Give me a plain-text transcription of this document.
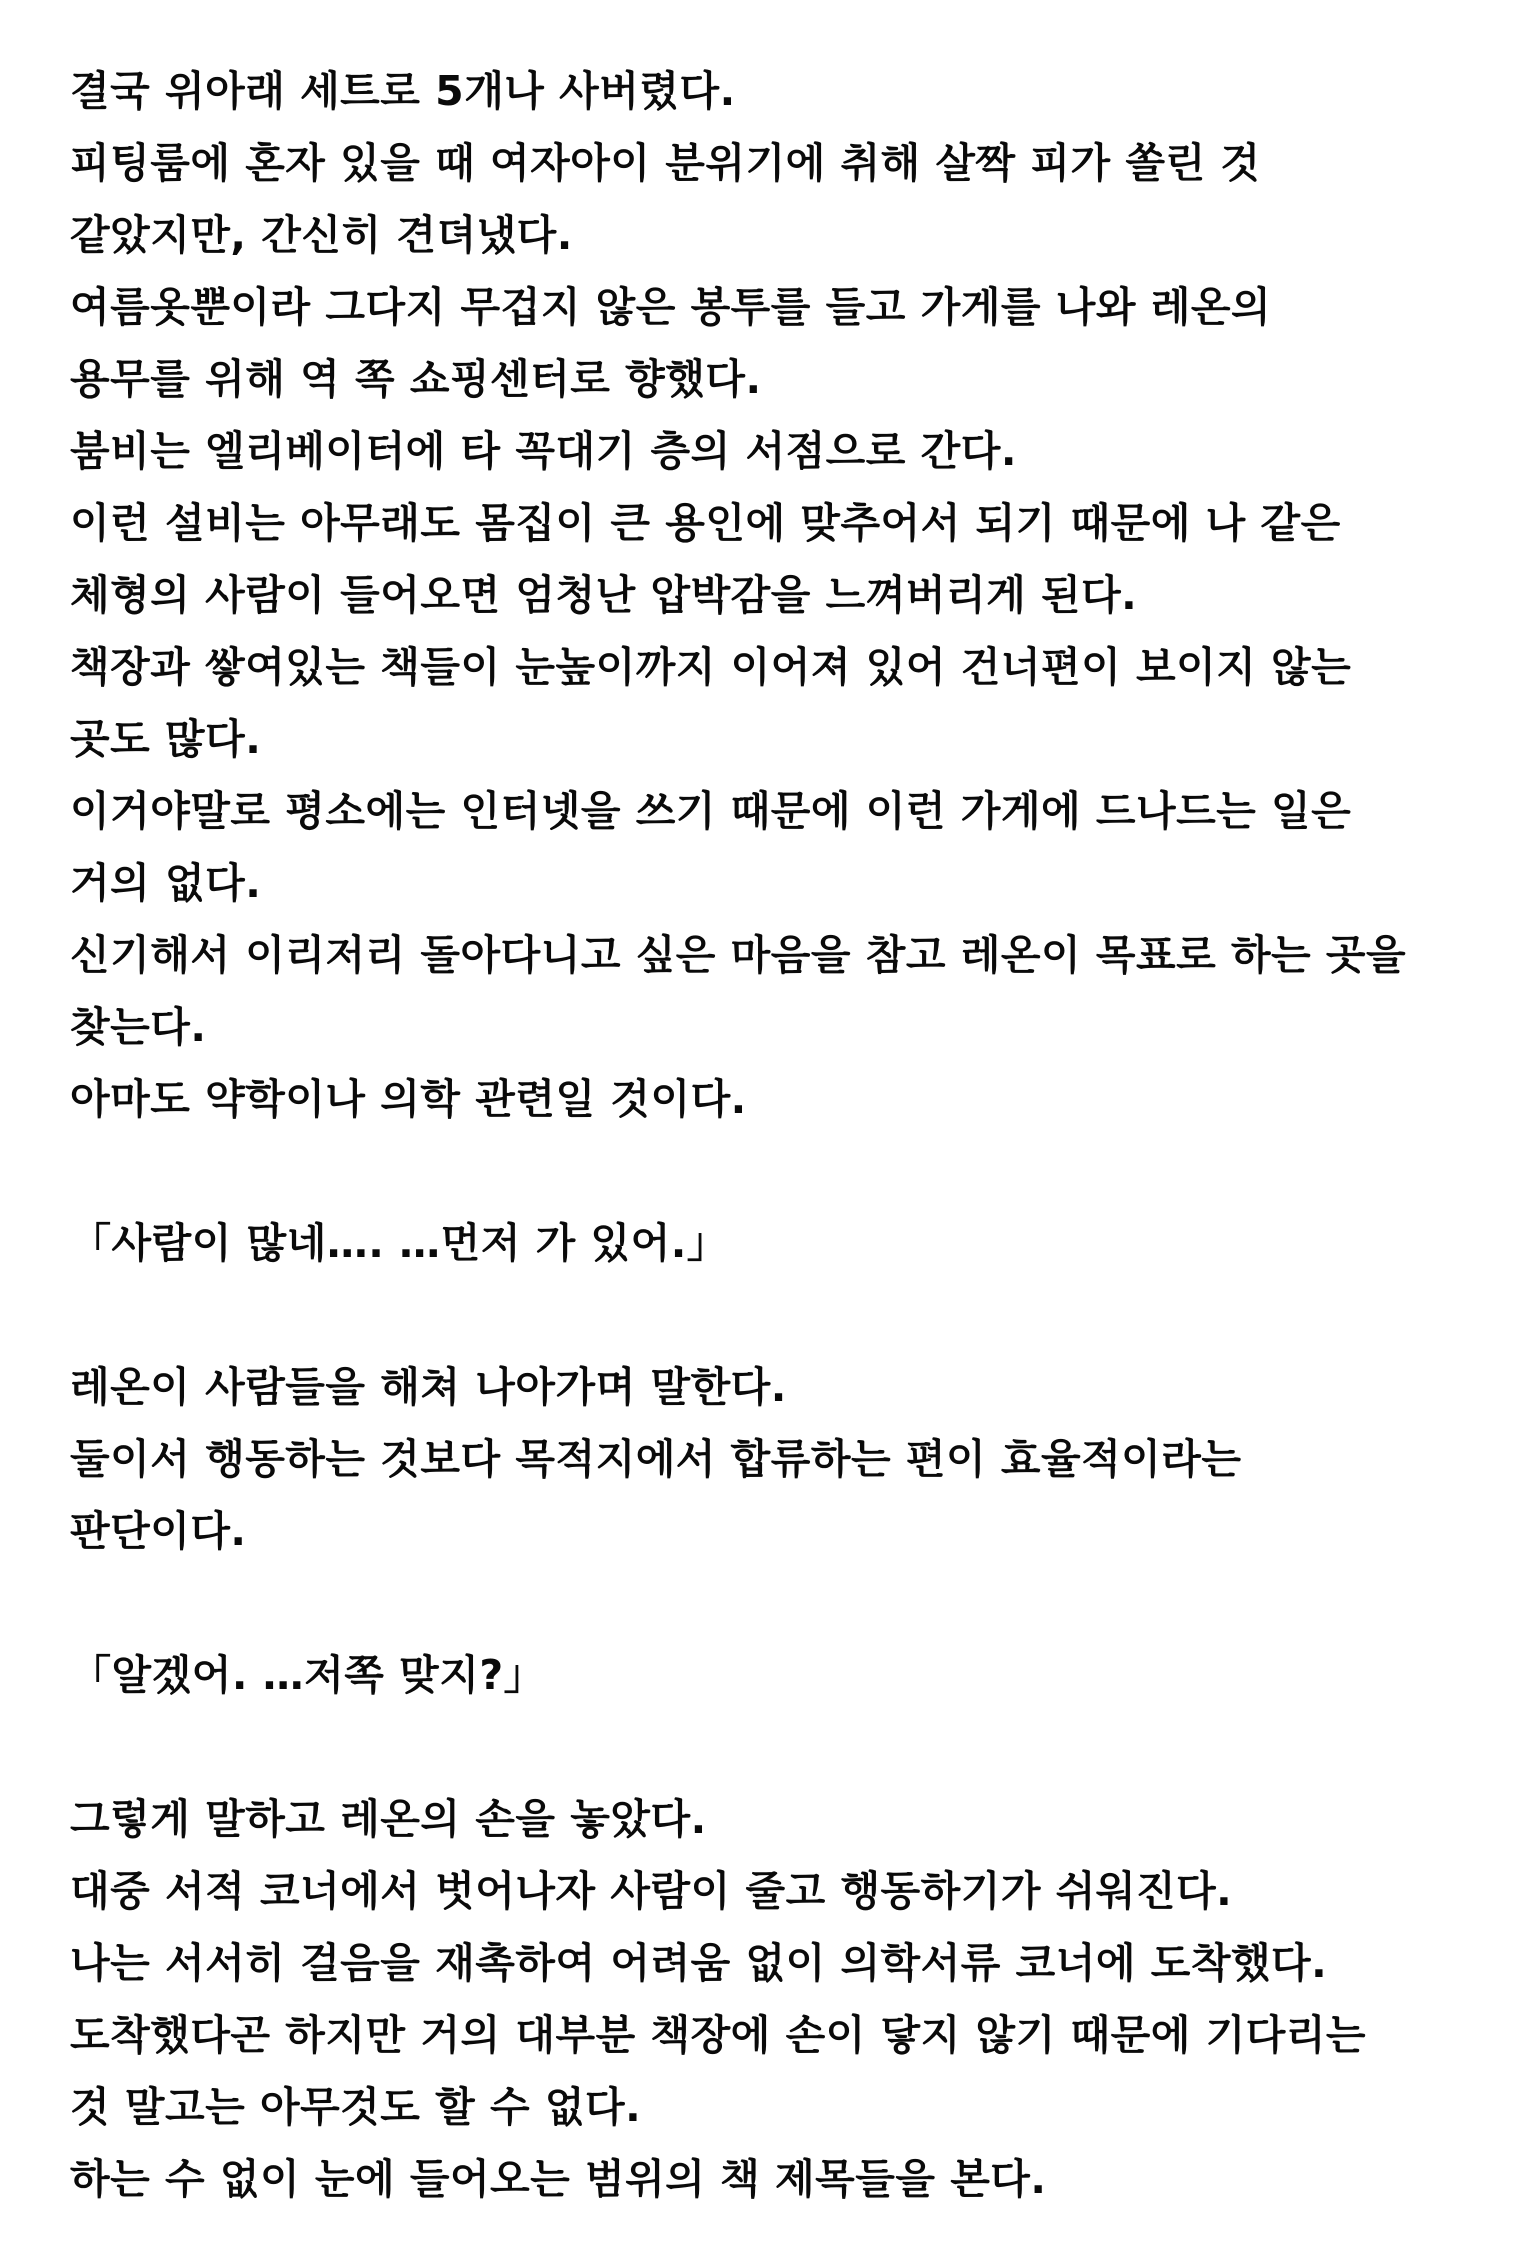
결국 위아래 세트로 5개나 사버렸다.
피팅룸에 혼자 있을 때 여자아이 분위기에 취해 살짝 피가 쏠린 것
같았지만, 간신히 견뎌냈다.
여름옷뿐이라 그다지 무겁지 않은 봉투를 들고 가게를 나와 레온의
용무를 위해 역 쪽 쇼핑센터로 향했다.
붐비는 엘리베이터에 타 꼭대기 층의 서점으로 간다.
이런 설비는 아무래도 몸집이 큰 용인에 맞추어서 되기 때문에 나 같은
체형의 사람이 들어오면 엄청난 압박감을 느껴버리게 된다.
책장과 쌓여있는 책들이 눈높이까지 이어져 있어 건너편이 보이지 않는
곳도 많다.
이거야말로 평소에는 인터넷을 쓰기 때문에 이런 가게에 드나드는 일은
거의 없다.
신기해서 이리저리 돌아다니고 싶은 마음을 참고 레온이 목표로 하는 곳을
찾는다.
아마도 약학이나 의학 관련일 것이다.
「사람이 많네…. …먼저 가 있어.」
레온이 사람들을 해쳐 나아가며 말한다.
둘이서 행동하는 것보다 목적지에서 합류하는 편이 효율적이라는
판단이다.
「알겠어. …저쪽 맞지?」
그렇게 말하고 레온의 손을 놓았다.
대중 서적 코너에서 벗어나자 사람이 줄고 행동하기가 쉬워진다.
나는 서서히 걸음을 재촉하여 어려움 없이 의학서류 코너에 도착했다.
도착했다곤 하지만 거의 대부분 책장에 손이 닿지 않기 때문에 기다리는
것 말고는 아무것도 할 수 없다.
하는 수 없이 눈에 들어오는 범위의 책 제목들을 본다.
